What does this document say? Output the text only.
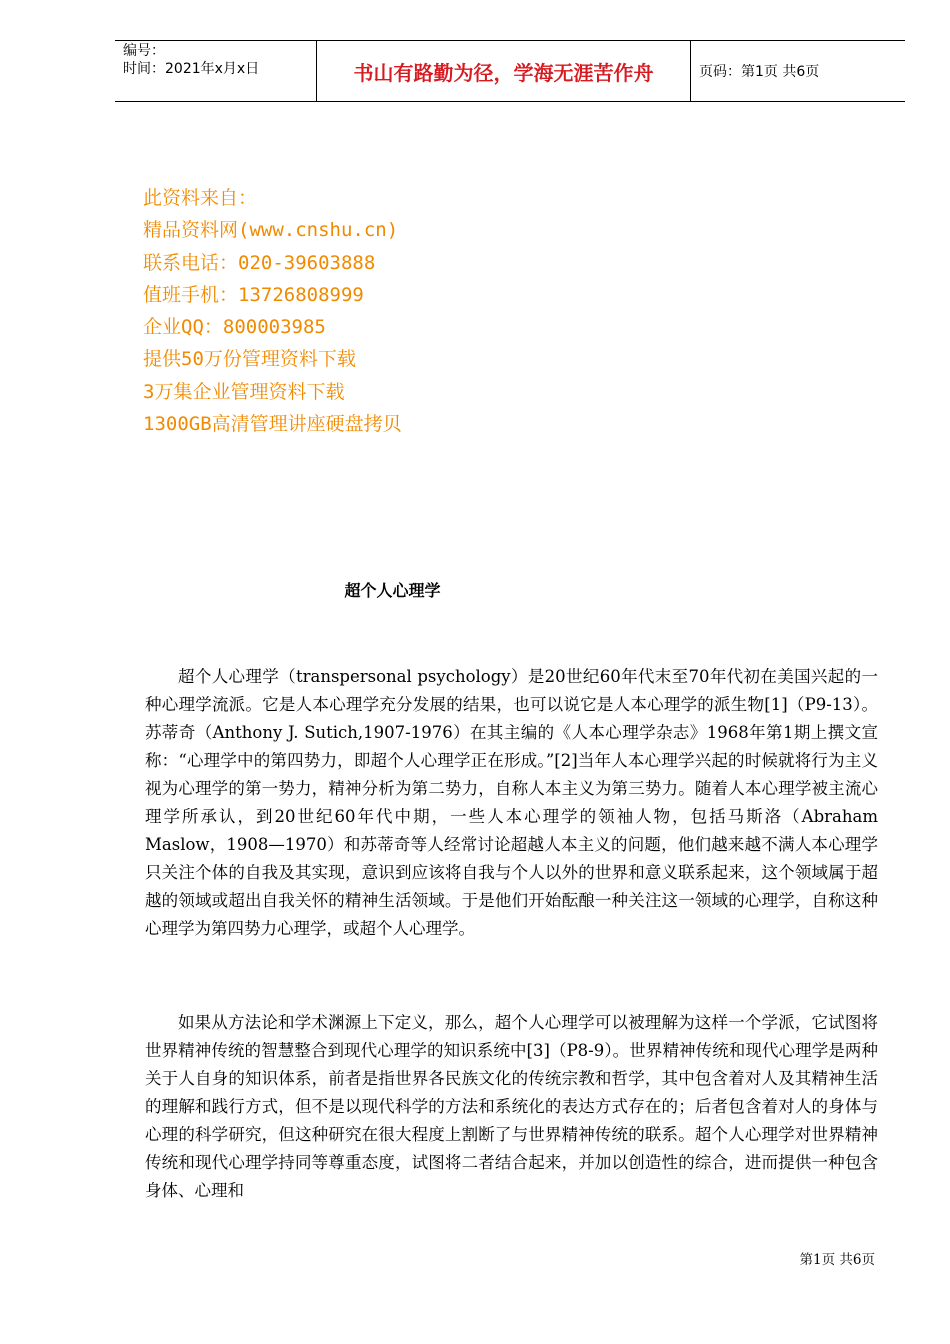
编号：
时间：2021年x月x日	书山有路勤为径，学海无涯苦作舟	页码：第1页 共6页
此资料来自：
精品资料网(www.cnshu.cn)
联系电话：020-39603888
值班手机：13726808999
企业QQ：800003985
提供50万份管理资料下载
3万集企业管理资料下载
1300GB高清管理讲座硬盘拷贝
超个人心理学

超个人心理学（transpersonal psychology）是20世纪60年代末至70年代初在美国兴起的一种心理学流派。它是人本心理学充分发展的结果，也可以说它是人本心理学的派生物[1]（P9-13）。苏蒂奇（Anthony J. Sutich,1907-1976）在其主编的《人本心理学杂志》1968年第1期上撰文宣称：“心理学中的第四势力，即超个人心理学正在形成。”[2]当年人本心理学兴起的时候就将行为主义视为心理学的第一势力，精神分析为第二势力，自称人本主义为第三势力。随着人本心理学被主流心理学所承认，到20世纪60年代中期，一些人本心理学的领袖人物，包括马斯洛（Abraham Maslow，1908—1970）和苏蒂奇等人经常讨论超越人本主义的问题，他们越来越不满人本心理学只关注个体的自我及其实现，意识到应该将自我与个人以外的世界和意义联系起来，这个领域属于超越的领域或超出自我关怀的精神生活领域。于是他们开始酝酿一种关注这一领域的心理学，自称这种心理学为第四势力心理学，或超个人心理学。

如果从方法论和学术渊源上下定义，那么，超个人心理学可以被理解为这样一个学派，它试图将世界精神传统的智慧整合到现代心理学的知识系统中[3]（P8-9）。世界精神传统和现代心理学是两种关于人自身的知识体系，前者是指世界各民族文化的传统宗教和哲学，其中包含着对人及其精神生活的理解和践行方式，但不是以现代科学的方法和系统化的表达方式存在的；后者包含着对人的身体与心理的科学研究，但这种研究在很大程度上割断了与世界精神传统的联系。超个人心理学对世界精神传统和现代心理学持同等尊重态度，试图将二者结合起来，并加以创造性的综合，进而提供一种包含身体、心理和

第1页 共6页
